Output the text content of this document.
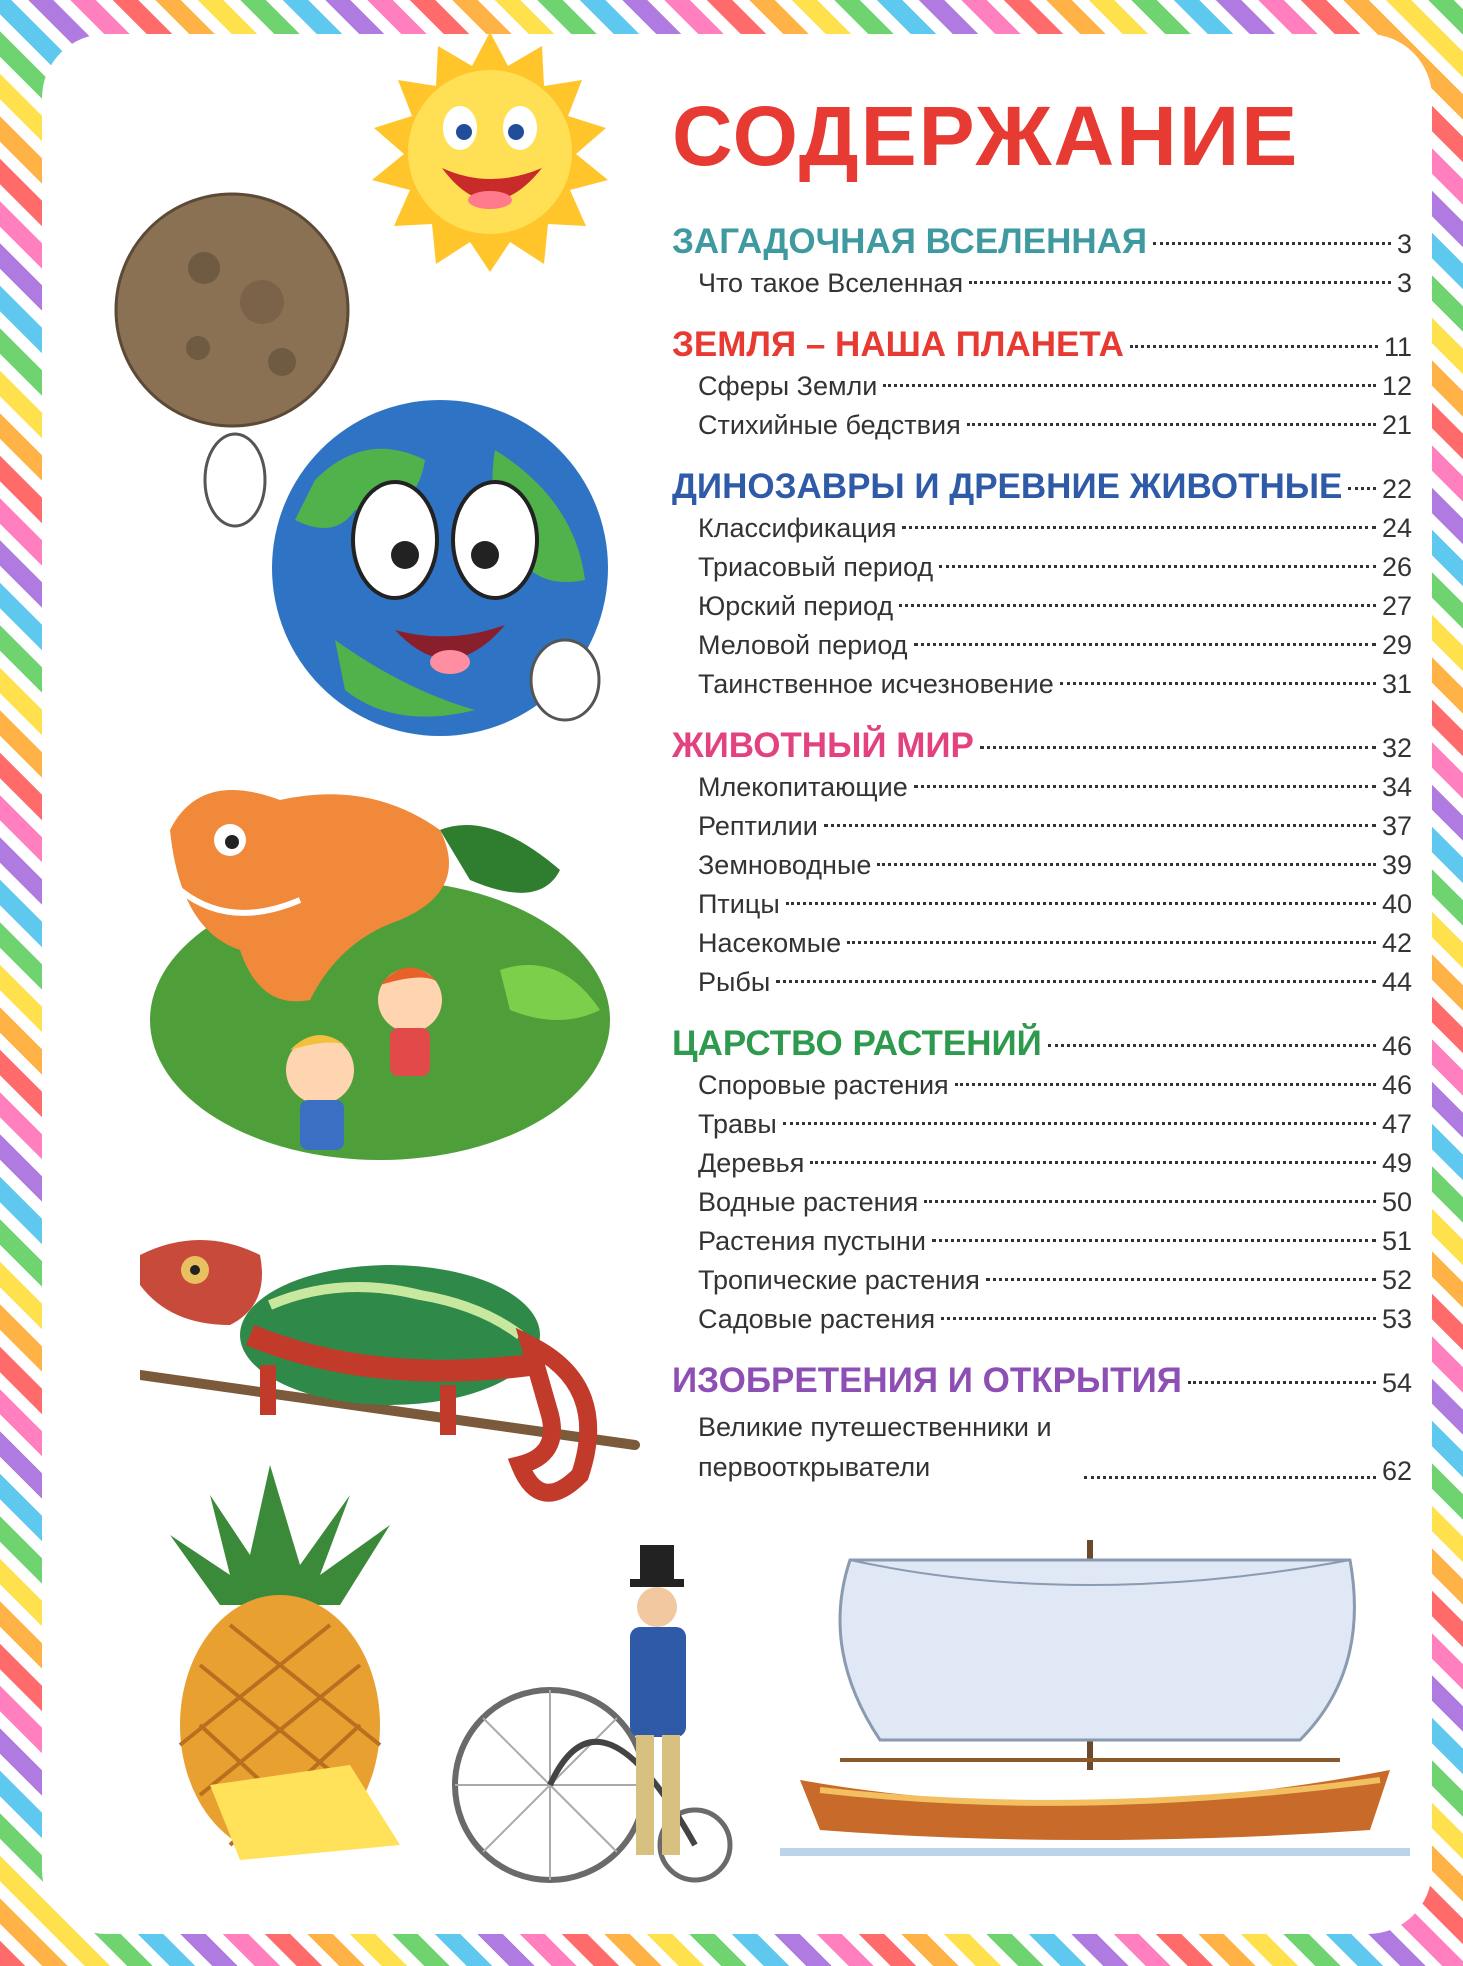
СОДЕРЖАНИЕ
ЗАГАДОЧНАЯ ВСЕЛЕННАЯ	3
Что такое Вселенная	3
ЗЕМЛЯ – НАША ПЛАНЕТА	11
Сферы Земли	12
Стихийные бедствия	21
ДИНОЗАВРЫ И ДРЕВНИЕ ЖИВОТНЫЕ 22
Классификация	24
Триасовый период	26
Юрский период	27
Меловой период	29
Таинственное исчезновение	31
ЖИВОТНЫЙ МИР	32
Млекопитающие	34
Рептилии	37
Земноводные	39
Птицы	40
Насекомые	42
Рыбы	44
ЦАРСТВО РАСТЕНИЙ	46
Споровые растения	46
Травы	47
Деревья	49
Водные растения	50
Растения пустыни	51
Тропические растения	52
Садовые растения	53
ИЗОБРЕТЕНИЯ И ОТКРЫТИЯ	54
Великие путешественники и первооткрыватели	62
